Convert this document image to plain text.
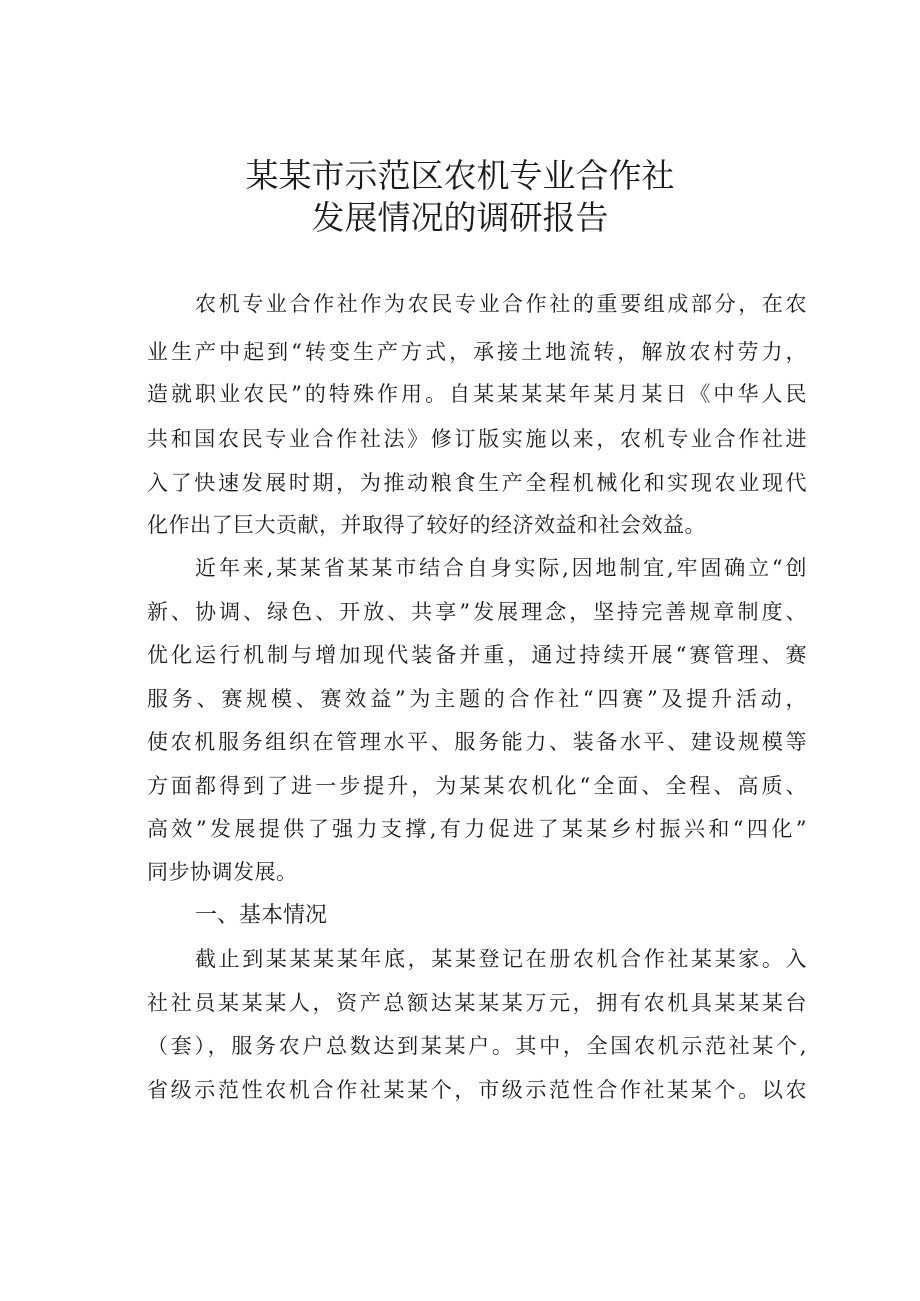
某某市示范区农机专业合作社
发展情况的调研报告
农机专业合作社作为农民专业合作社的重要组成部分，在农
业生产中起到“转变生产方式，承接土地流转，解放农村劳力，
造就职业农民”的特殊作用。自某某某某年某月某日《中华人民
共和国农民专业合作社法》修订版实施以来，农机专业合作社进
入了快速发展时期，为推动粮食生产全程机械化和实现农业现代
化作出了巨大贡献，并取得了较好的经济效益和社会效益。
近年来,某某省某某市结合自身实际,因地制宜,牢固确立“创
新、协调、绿色、开放、共享”发展理念，坚持完善规章制度、
优化运行机制与增加现代装备并重，通过持续开展“赛管理、赛
服务、赛规模、赛效益”为主题的合作社“四赛”及提升活动，
使农机服务组织在管理水平、服务能力、装备水平、建设规模等
方面都得到了进一步提升，为某某农机化“全面、全程、高质、
高效”发展提供了强力支撑,有力促进了某某乡村振兴和“四化”
同步协调发展。
一、基本情况
截止到某某某某年底，某某登记在册农机合作社某某家。入
社社员某某某人，资产总额达某某某万元，拥有农机具某某某台
（套），服务农户总数达到某某户。其中，全国农机示范社某个,
省级示范性农机合作社某某个，市级示范性合作社某某个。以农
